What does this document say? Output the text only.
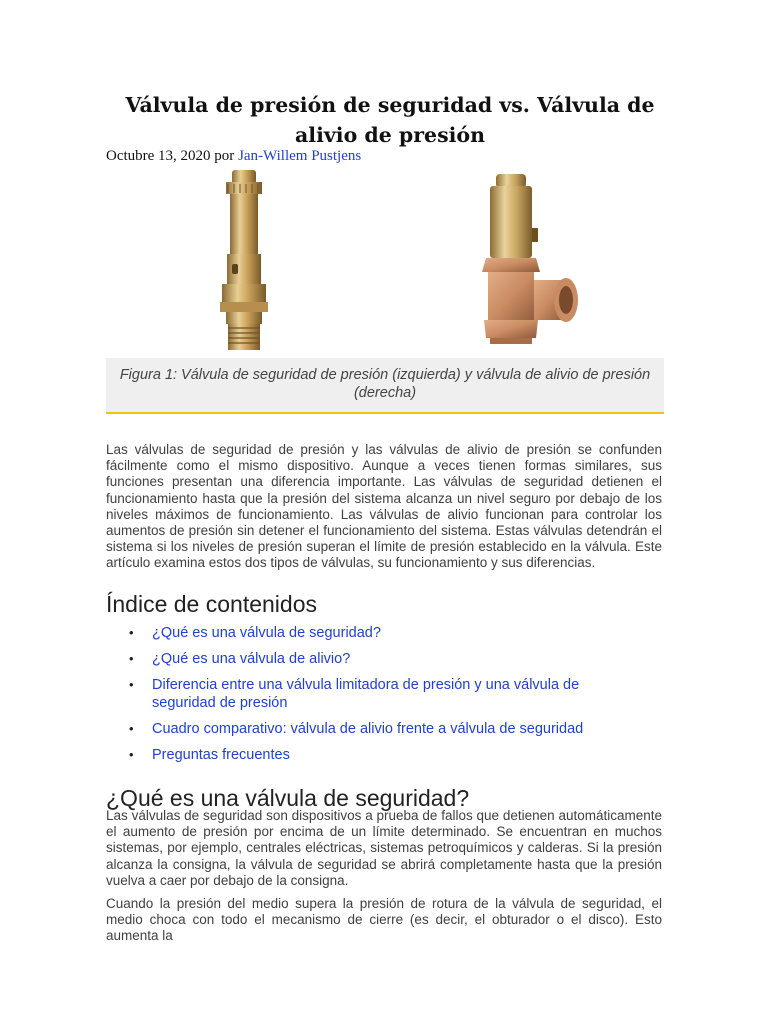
Válvula de presión de seguridad vs. Válvula de alivio de presión
Octubre 13, 2020 por Jan-Willem Pustjens
Figura 1: Válvula de seguridad de presión (izquierda) y válvula de alivio de presión (derecha)
Las válvulas de seguridad de presión y las válvulas de alivio de presión se confunden fácilmente como el mismo dispositivo. Aunque a veces tienen formas similares, sus funciones presentan una diferencia importante. Las válvulas de seguridad detienen el funcionamiento hasta que la presión del sistema alcanza un nivel seguro por debajo de los niveles máximos de funcionamiento. Las válvulas de alivio funcionan para controlar los aumentos de presión sin detener el funcionamiento del sistema. Estas válvulas detendrán el sistema si los niveles de presión superan el límite de presión establecido en la válvula. Este artículo examina estos dos tipos de válvulas, su funcionamiento y sus diferencias.
Índice de contenidos
• ¿Qué es una válvula de seguridad?
• ¿Qué es una válvula de alivio?
• Diferencia entre una válvula limitadora de presión y una válvula de seguridad de presión
• Cuadro comparativo: válvula de alivio frente a válvula de seguridad
• Preguntas frecuentes
¿Qué es una válvula de seguridad?
Las válvulas de seguridad son dispositivos a prueba de fallos que detienen automáticamente el aumento de presión por encima de un límite determinado. Se encuentran en muchos sistemas, por ejemplo, centrales eléctricas, sistemas petroquímicos y calderas. Si la presión alcanza la consigna, la válvula de seguridad se abrirá completamente hasta que la presión vuelva a caer por debajo de la consigna.
Cuando la presión del medio supera la presión de rotura de la válvula de seguridad, el medio choca con todo el mecanismo de cierre (es decir, el obturador o el disco). Esto aumenta la
